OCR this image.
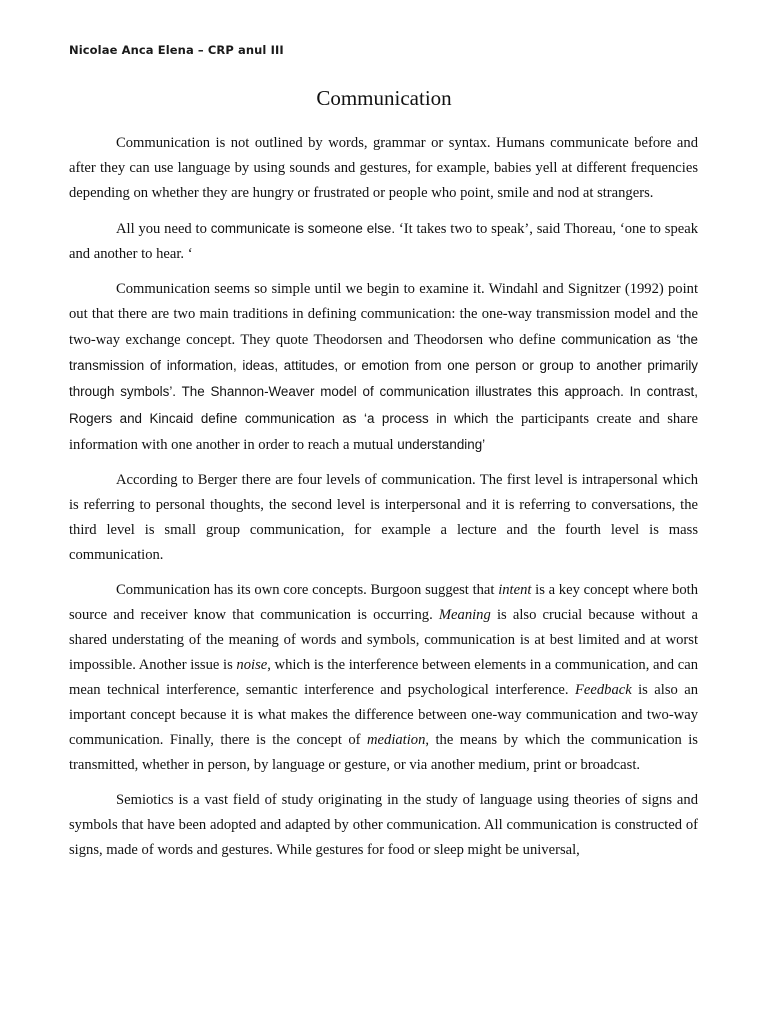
Nicolae Anca Elena – CRP anul III
Communication

Communication is not outlined by words, grammar or syntax. Humans communicate before and after they can use language by using sounds and gestures, for example, babies yell at different frequencies depending on whether they are hungry or frustrated or people who point, smile and nod at strangers.

All you need to communicate is someone else. ‘It takes two to speak’, said Thoreau, ‘one to speak and another to hear. ‘

Communication seems so simple until we begin to examine it. Windahl and Signitzer (1992) point out that there are two main traditions in defining communication: the one-way transmission model and the two-way exchange concept. They quote Theodorsen and Theodorsen who define communication as ‘the transmission of information, ideas, attitudes, or emotion from one person or group to another primarily through symbols’. The Shannon-Weaver model of communication illustrates this approach. In contrast, Rogers and Kincaid define communication as ‘a process in which the participants create and share information with one another in order to reach a mutual understanding’

According to Berger there are four levels of communication. The first level is intrapersonal which is referring to personal thoughts, the second level is interpersonal and it is referring to conversations, the third level is small group communication, for example a lecture and the fourth level is mass communication.

Communication has its own core concepts. Burgoon suggest that intent is a key concept where both source and receiver know that communication is occurring. Meaning is also crucial because without a shared understating of the meaning of words and symbols, communication is at best limited and at worst impossible. Another issue is noise, which is the interference between elements in a communication, and can mean technical interference, semantic interference and psychological interference. Feedback is also an important concept because it is what makes the difference between one-way communication and two-way communication. Finally, there is the concept of mediation, the means by which the communication is transmitted, whether in person, by language or gesture, or via another medium, print or broadcast.

Semiotics is a vast field of study originating in the study of language using theories of signs and symbols that have been adopted and adapted by other communication. All communication is constructed of signs, made of words and gestures. While gestures for food or sleep might be universal,
